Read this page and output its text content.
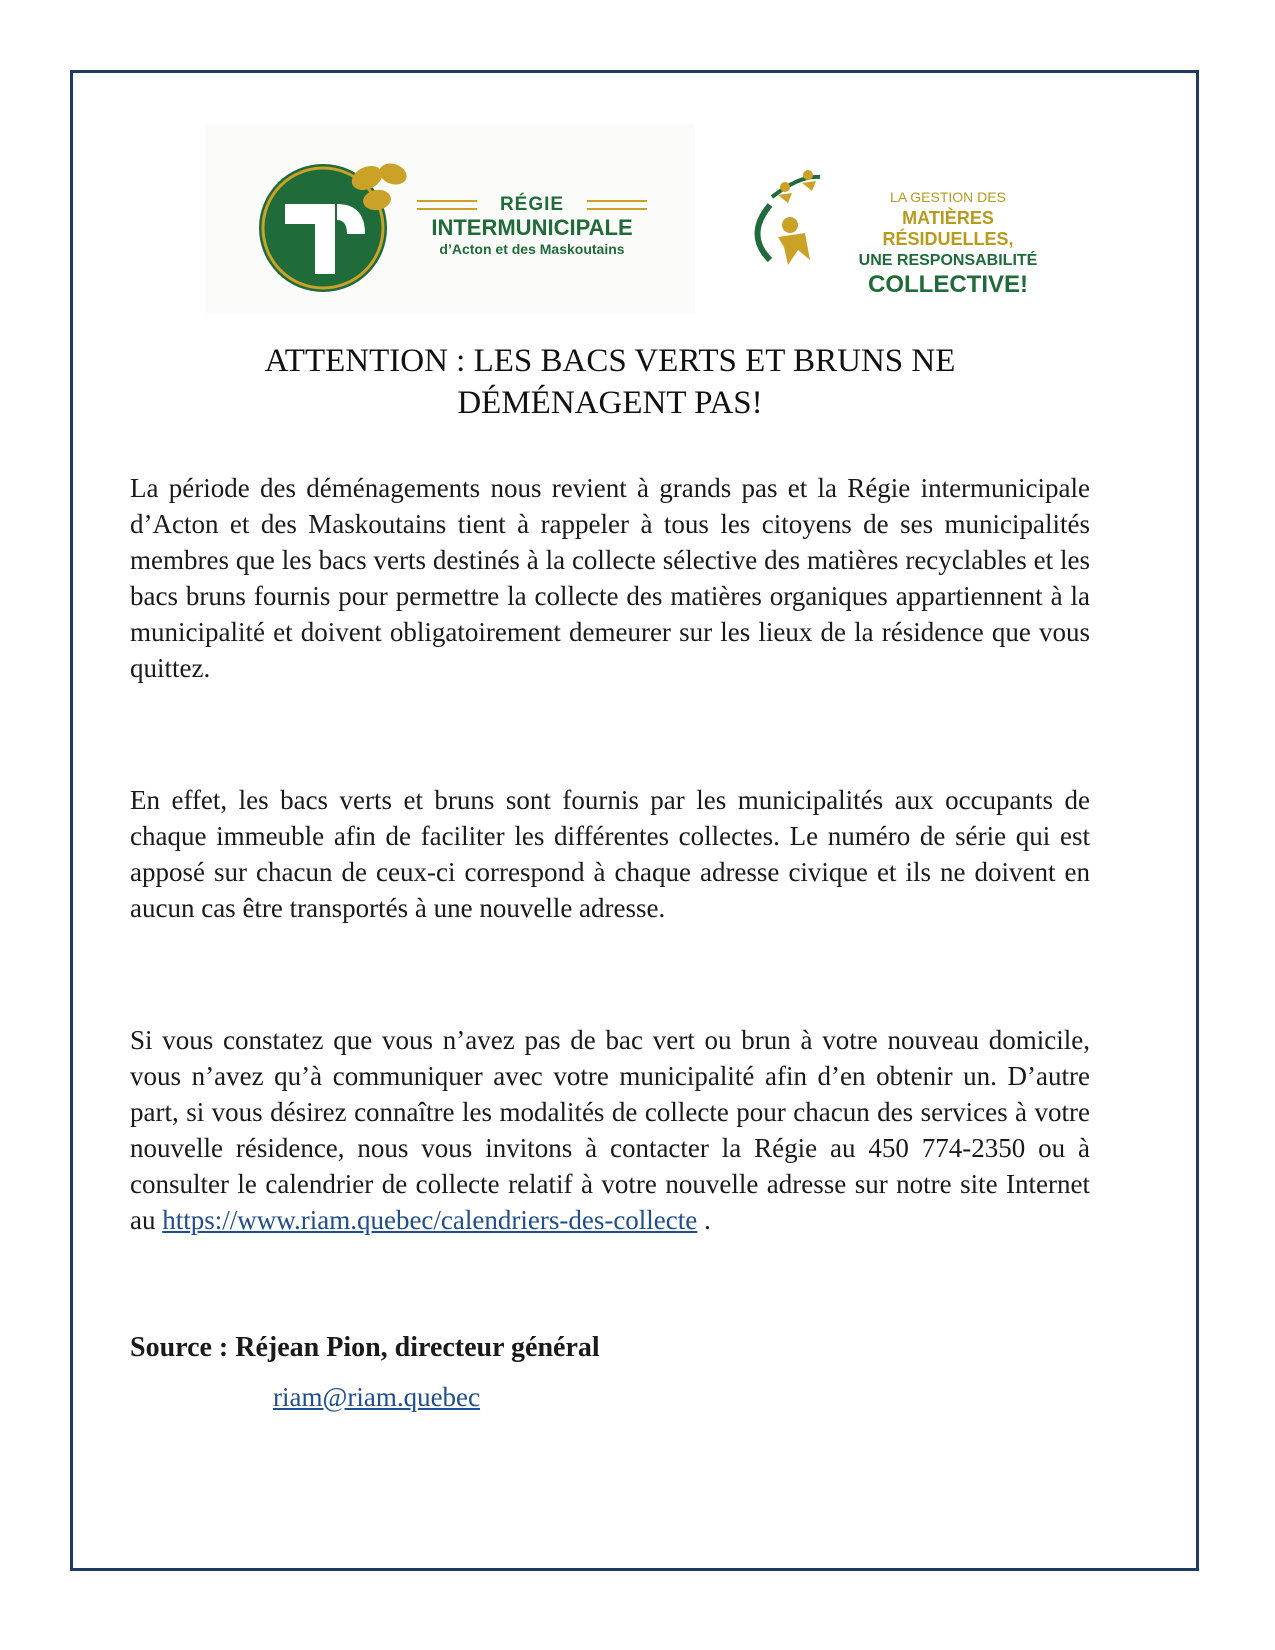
RÉGIE
INTERMUNICIPALE
d’Acton et des Maskoutains
LA GESTION DES
MATIÈRES RÉSIDUELLES,
UNE RESPONSABILITÉ
COLLECTIVE!
ATTENTION : LES BACS VERTS ET BRUNS NE
DÉMÉNAGENT PAS!

La période des déménagements nous revient à grands pas et la Régie intermunicipale d’Acton et des Maskoutains tient à rappeler à tous les citoyens de ses municipalités membres que les bacs verts destinés à la collecte sélective des matières recyclables et les bacs bruns fournis pour permettre la collecte des matières organiques appartiennent à la municipalité et doivent obligatoirement demeurer sur les lieux de la résidence que vous quittez.

En effet, les bacs verts et bruns sont fournis par les municipalités aux occupants de chaque immeuble afin de faciliter les différentes collectes. Le numéro de série qui est apposé sur chacun de ceux-ci correspond à chaque adresse civique et ils ne doivent en aucun cas être transportés à une nouvelle adresse.

Si vous constatez que vous n’avez pas de bac vert ou brun à votre nouveau domicile, vous n’avez qu’à communiquer avec votre municipalité afin d’en obtenir un. D’autre part, si vous désirez connaître les modalités de collecte pour chacun des services à votre nouvelle résidence, nous vous invitons à contacter la Régie au 450 774-2350 ou à consulter le calendrier de collecte relatif à votre nouvelle adresse sur notre site Internet au https://www.riam.quebec/calendriers-des-collecte .

Source : Réjean Pion, directeur général
riam@riam.quebec
